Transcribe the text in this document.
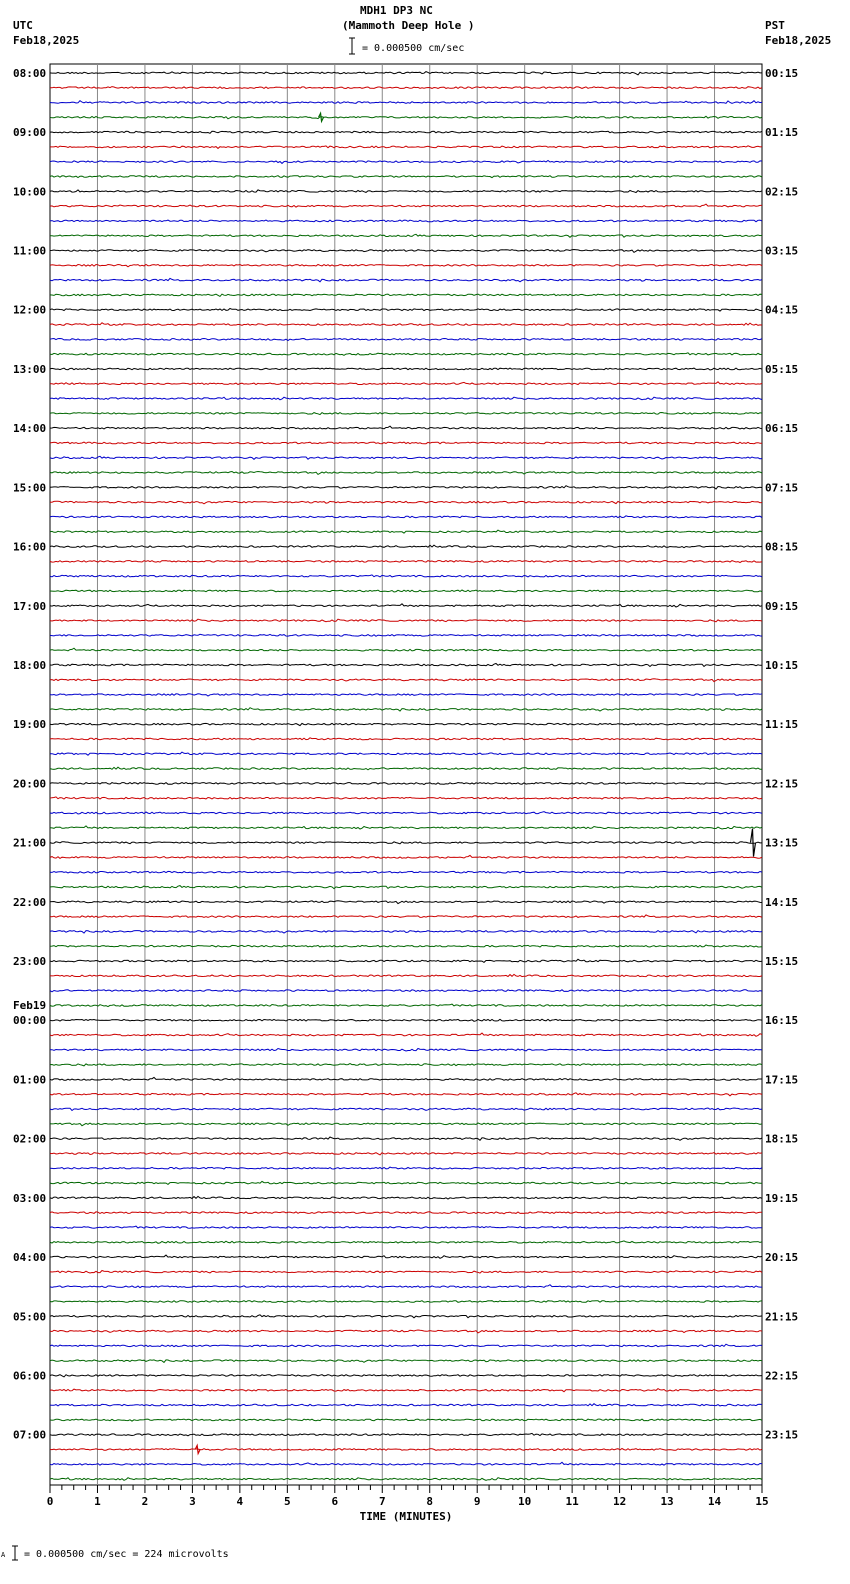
MDH1 DP3 NC
(Mammoth Deep Hole )
UTC
Feb18,2025
PST
Feb18,2025
= 0.000500 cm/sec
A = 0.000500 cm/sec = 224 microvolts
08:00
09:00
10:00
11:00
12:00
13:00
14:00
15:00
16:00
17:00
18:00
19:00
20:00
21:00
22:00
23:00
00:00
Feb19
01:00
02:00
03:00
04:00
05:00
06:00
07:00
00:15
01:15
02:15
03:15
04:15
05:15
06:15
07:15
08:15
09:15
10:15
11:15
12:15
13:15
14:15
15:15
16:15
17:15
18:15
19:15
20:15
21:15
22:15
23:15
0	1	2	3	4	5	6	7	8	9	10	11	12	13	14	15
TIME (MINUTES)
